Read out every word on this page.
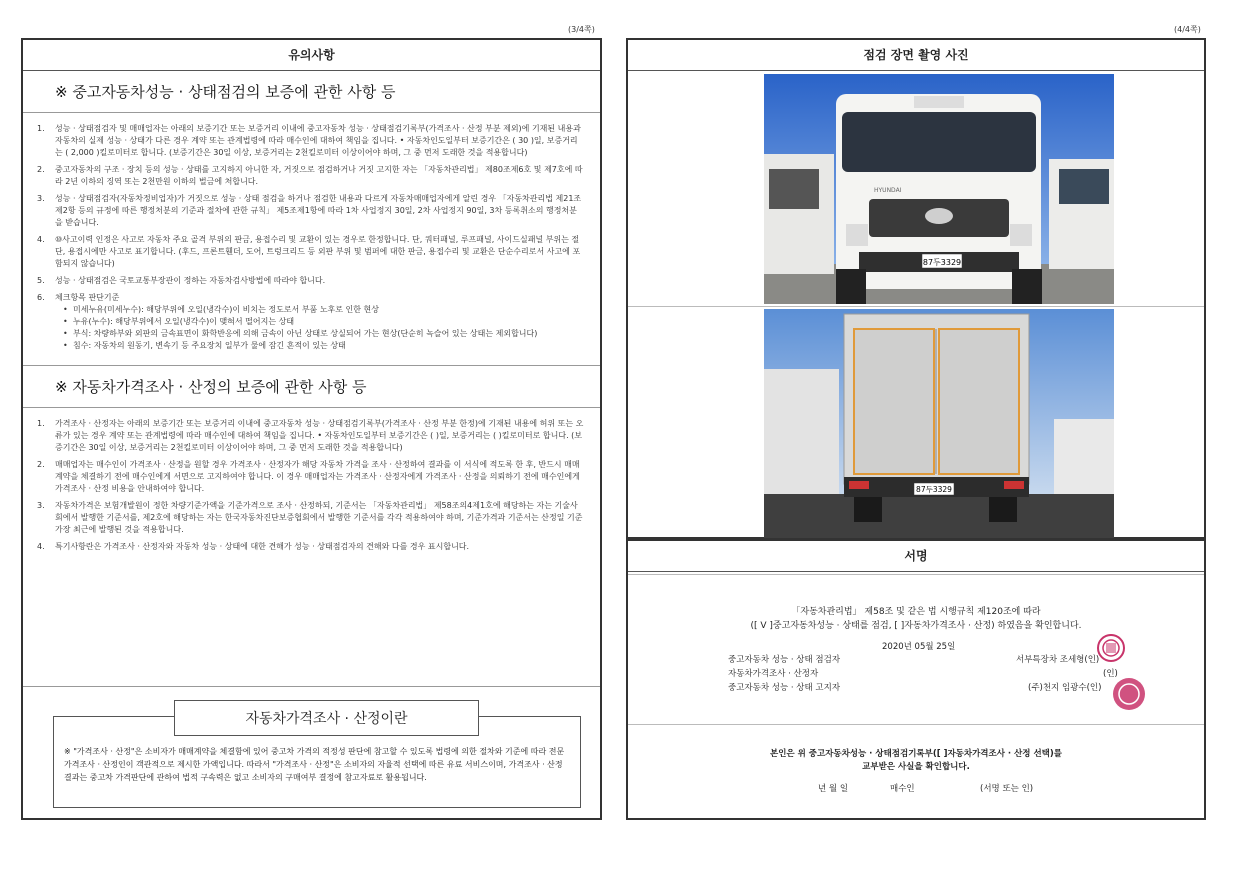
(3/4쪽)
유의사항
※ 중고자동차성능 · 상태점검의 보증에 관한 사항 등
1. 성능 · 상태점검자 및 매매업자는 아래의 보증기간 또는 보증거리 이내에 중고자동차 성능 · 상태점검기록부(가격조사 · 산정 부분 제외)에 기재된 내용과 자동차의 실제 성능 · 상태가 다른 경우 계약 또는 관계법령에 따라 매수인에 대하여 책임을 집니다. • 자동차인도일부터 보증기간은 ( 30 )일, 보증거리는 ( 2,000 )킬로미터로 합니다. (보증기간은 30일 이상, 보증거리는 2천킬로미터 이상이어야 하며, 그 중 먼저 도래한 것을 적용합니다)
2. 중고자동차의 구조 · 장치 등의 성능 · 상태를 고지하지 아니한 자, 거짓으로 점검하거나 거짓 고지한 자는 「자동차관리법」 제80조제6호 및 제7호에 따라 2년 이하의 징역 또는 2천만원 이하의 벌금에 처합니다.
3. 성능 · 상태점검자(자동차정비업자)가 거짓으로 성능 · 상태 점검을 하거나 점검한 내용과 다르게 자동차매매업자에게 알린 경우 「자동차관리법 제21조제2항 등의 규정에 따른 행정처분의 기준과 절차에 관한 규칙」 제5조제1항에 따라 1차 사업정지 30일, 2차 사업정지 90일, 3차 등록취소의 행정처분을 받습니다.
4. ⑩사고이력 인정은 사고로 자동차 주요 골격 부위의 판금, 용접수리 및 교환이 있는 경우로 한정합니다. 단, 쿼터패널, 루프패널, 사이드실패널 부위는 절단, 용접시에만 사고로 표기합니다. (후드, 프론트휀더, 도어, 트렁크리드 등 외판 부위 및 범퍼에 대한 판금, 용접수리 및 교환은 단순수리로서 사고에 포함되지 않습니다)
5. 성능 · 상태점검은 국토교통부장관이 정하는 자동차검사방법에 따라야 합니다.
6. 체크항목 판단기준
• 미세누유(미세누수): 해당부위에 오일(냉각수)이 비치는 정도로서 부품 노후로 인한 현상
• 누유(누수): 해당부위에서 오일(냉각수)이 맺혀서 떨어지는 상태
• 부식: 차량하부와 외판의 금속표면이 화학반응에 의해 금속이 아닌 상태로 상실되어 가는 현상(단순히 녹슬어 있는 상태는 제외합니다)
• 침수: 자동차의 원동기, 변속기 등 주요장치 일부가 물에 잠긴 흔적이 있는 상태
※ 자동차가격조사 · 산정의 보증에 관한 사항 등
1. 가격조사 · 산정자는 아래의 보증기간 또는 보증거리 이내에 중고자동차 성능 · 상태점검기록부(가격조사 · 산정 부분 한정)에 기재된 내용에 허위 또는 오류가 있는 경우 계약 또는 관계법령에 따라 매수인에 대하여 책임을 집니다. • 자동차인도일부터 보증기간은 ( )일, 보증거리는 ( )킬로미터로 합니다. (보증기간은 30일 이상, 보증거리는 2천킬로미터 이상이어야 하며, 그 중 먼저 도래한 것을 적용합니다)
2. 매매업자는 매수인이 가격조사 · 산정을 원할 경우 가격조사 · 산정자가 해당 자동차 가격을 조사 · 산정하여 결과를 이 서식에 적도록 한 후, 반드시 매매계약을 체결하기 전에 매수인에게 서면으로 고지하여야 합니다. 이 경우 매매업자는 가격조사 · 산정자에게 가격조사 · 산정을 의뢰하기 전에 매수인에게 가격조사 · 산정 비용을 안내하여야 합니다.
3. 자동차가격은 보험개발원이 정한 차량기준가액을 기준가격으로 조사 · 산정하되, 기준서는 「자동차관리법」 제58조의4제1호에 해당하는 자는 기술사회에서 발행한 기준서를, 제2호에 해당하는 자는 한국자동차진단보증협회에서 발행한 기준서를 각각 적용하여야 하며, 기준가격과 기준서는 산정일 기준 가장 최근에 발행된 것을 적용합니다.
4. 특기사항란은 가격조사 · 산정자와 자동차 성능 · 상태에 대한 견해가 성능 · 상태점검자의 견해와 다를 경우 표시합니다.
자동차가격조사 · 산정이란
※ "가격조사 · 산정"은 소비자가 매매계약을 체결함에 있어 중고차 가격의 적정성 판단에 참고할 수 있도록 법령에 의한 절차와 기준에 따라 전문 가격조사 · 산정인이 객관적으로 제시한 가액입니다. 따라서 "가격조사 · 산정"은 소비자의 자율적 선택에 따른 유료 서비스이며, 가격조사 · 산정 결과는 중고차 가격판단에 관하여 법적 구속력은 없고 소비자의 구매여부 결정에 참고자료로 활용됩니다.
(4/4쪽)
점검 장면 촬영 사진
87두3329
HYUNDAI
87두3329
서명
「자동차관리법」 제58조 및 같은 법 시행규칙 제120조에 따라
([ V ]중고자동차성능 · 상태를 점검, [ ]자동차가격조사 · 산정) 하였음을 확인합니다.
2020년 05월 25일
중고자동차 성능 · 상태 점검자	서부특장차 조세형(인)
자동차가격조사 · 산정자	(인)
중고자동차 성능 · 상태 고지자	(주)천지 임광수(인)
본인은 위 중고자동차성능 · 상태점검기록부([ ]자동차가격조사 · 산정 선택)를
교부받은 사실을 확인합니다.
년 월 일	매수인	(서명 또는 인)
